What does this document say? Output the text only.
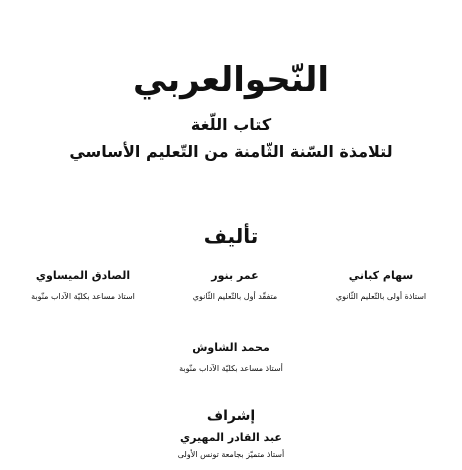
النّحوالعربي
كتاب اللّغة
لتلامذة السّنة الثّامنة من التّعليم الأساسي
تأليف
سهام كباني
استاذة أولى بالتّعليم الثّانوي
عمر بنور
متفقّد أول بالتّعليم الثّانوي
الصادق الميساوي
استاذ مساعد بكليّة الآداب منّوبة
محمد الشاوش
أستاذ مساعد بكليّة الآداب منّوبة
إشراف
عبد القادر المهيري
أستاذ متميّز بجامعة تونس الأولى
